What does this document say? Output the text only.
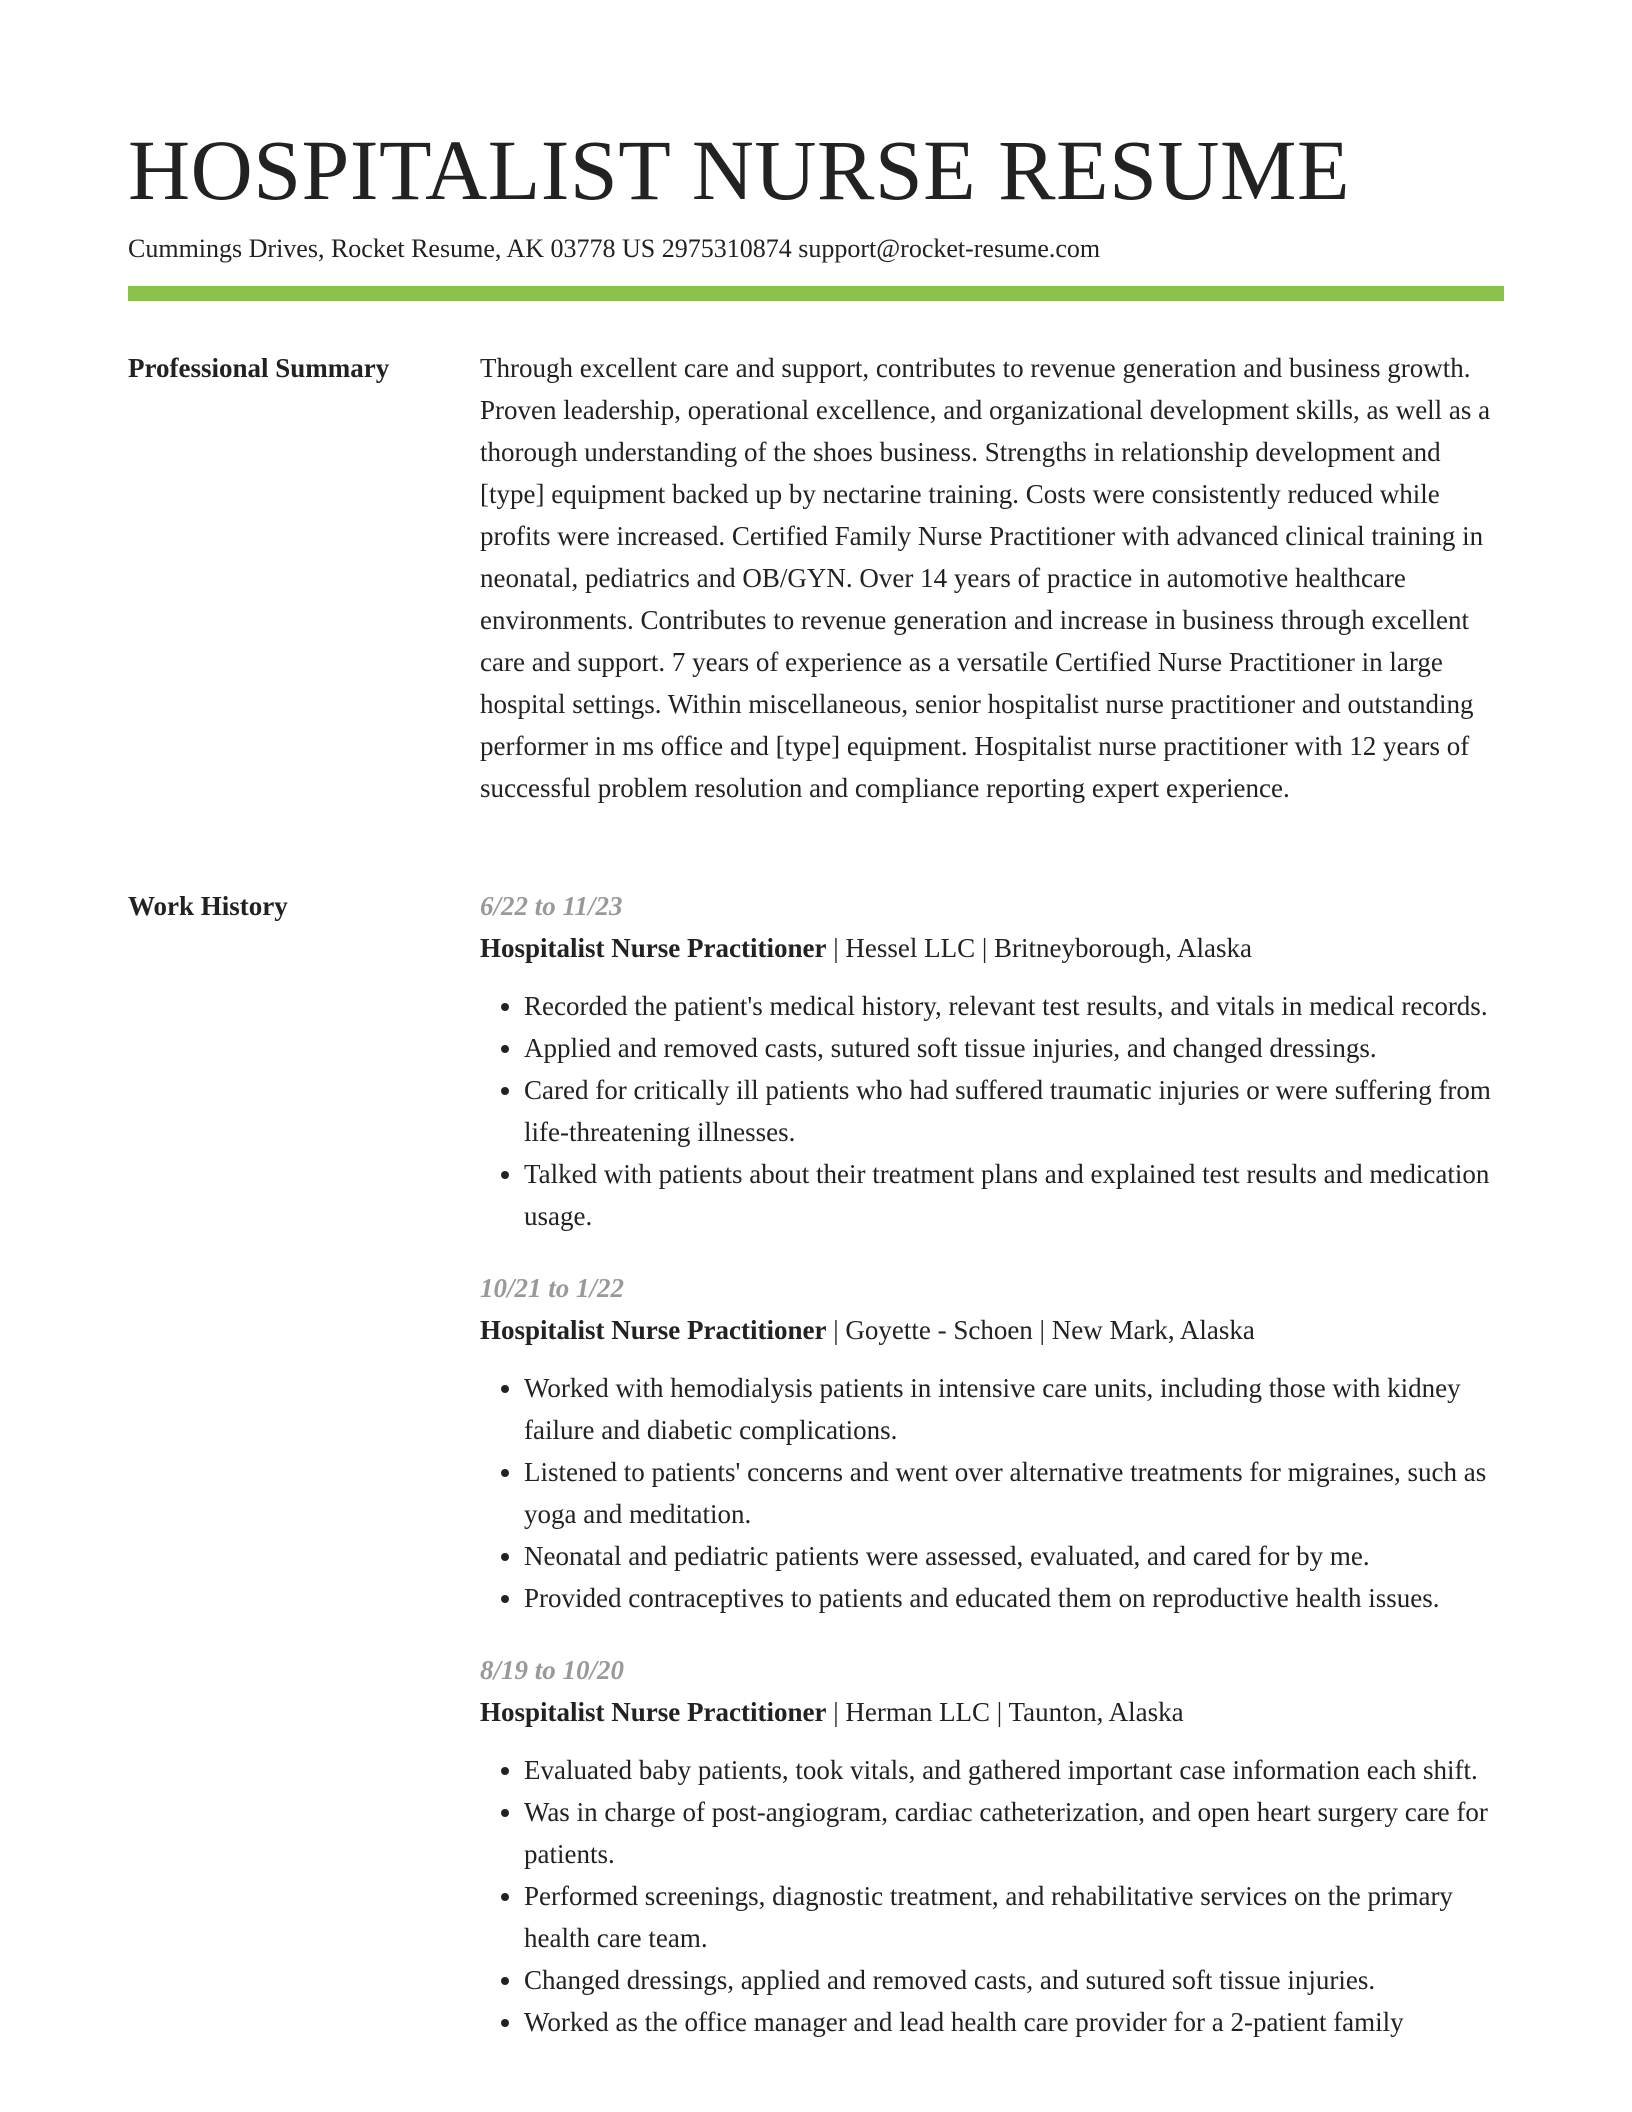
HOSPITALIST NURSE RESUME
Cummings Drives, Rocket Resume, AK 03778 US 2975310874 support@rocket-resume.com
Professional Summary	Through excellent care and support, contributes to revenue generation and business growth. Proven leadership, operational excellence, and organizational development skills, as well as a thorough understanding of the shoes business. Strengths in relationship development and [type] equipment backed up by nectarine training. Costs were consistently reduced while profits were increased. Certified Family Nurse Practitioner with advanced clinical training in neonatal, pediatrics and OB/GYN. Over 14 years of practice in automotive healthcare environments. Contributes to revenue generation and increase in business through excellent care and support. 7 years of experience as a versatile Certified Nurse Practitioner in large hospital settings. Within miscellaneous, senior hospitalist nurse practitioner and outstanding performer in ms office and [type] equipment. Hospitalist nurse practitioner with 12 years of successful problem resolution and compliance reporting expert experience.

Work History	6/22 to 11/23
Hospitalist Nurse Practitioner | Hessel LLC | Britneyborough, Alaska
• Recorded the patient's medical history, relevant test results, and vitals in medical records.
• Applied and removed casts, sutured soft tissue injuries, and changed dressings.
• Cared for critically ill patients who had suffered traumatic injuries or were suffering from life-threatening illnesses.
• Talked with patients about their treatment plans and explained test results and medication usage.
10/21 to 1/22
Hospitalist Nurse Practitioner | Goyette - Schoen | New Mark, Alaska
• Worked with hemodialysis patients in intensive care units, including those with kidney failure and diabetic complications.
• Listened to patients' concerns and went over alternative treatments for migraines, such as yoga and meditation.
• Neonatal and pediatric patients were assessed, evaluated, and cared for by me.
• Provided contraceptives to patients and educated them on reproductive health issues.
8/19 to 10/20
Hospitalist Nurse Practitioner | Herman LLC | Taunton, Alaska
• Evaluated baby patients, took vitals, and gathered important case information each shift.
• Was in charge of post-angiogram, cardiac catheterization, and open heart surgery care for patients.
• Performed screenings, diagnostic treatment, and rehabilitative services on the primary health care team.
• Changed dressings, applied and removed casts, and sutured soft tissue injuries.
• Worked as the office manager and lead health care provider for a 2-patient family
